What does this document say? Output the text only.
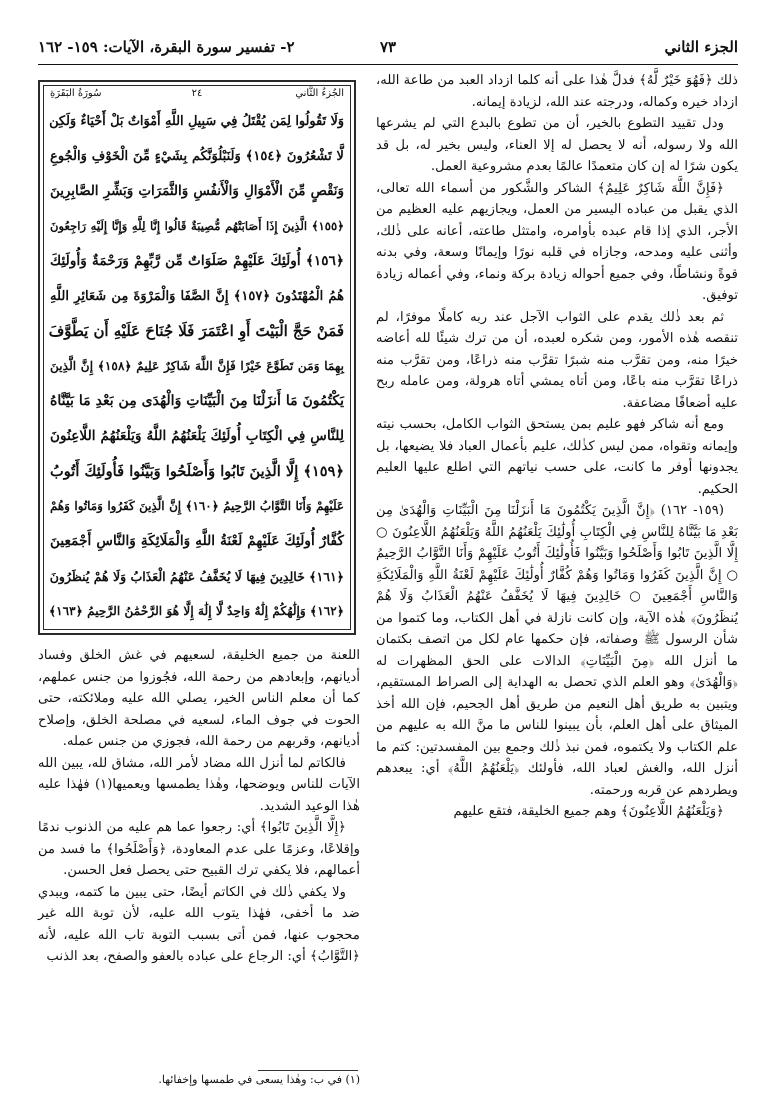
الجزء الثاني
٧٣
٢- تفسير سورة البقرة، الآيات: ١٥٩- ١٦٢

ذلك ﴿فَهُوَ خَيْرٌ لَّهُ﴾ فدلَّ هٰذا على أنه كلما ازداد العبد من طاعة الله، ازداد خيره وكماله، ودرجته عند الله، لزيادة إيمانه.

ودل تقييد التطوع بالخير، أن من تطوع بالبدع التي لم يشرعها الله ولا رسوله، أنه لا يحصل له إلا العناء، وليس بخير له، بل قد يكون شرًا له إن كان متعمدًا عالمًا بعدم مشروعية العمل.

﴿فَإِنَّ اللَّهَ شَاكِرٌ عَلِيمٌ﴾ الشاكر والشَّكور من أسماء الله تعالى، الذي يقبل من عباده اليسير من العمل، ويجازيهم عليه العظيم من الأجر، الذي إذا قام عبده بأوامره، وامتثل طاعته، أعانه على ذٰلك، وأثنى عليه ومدحه، وجازاه في قلبه نورًا وإيمانًا وسعة، وفي بدنه قوةً ونشاطًا، وفي جميع أحواله زيادة بركة ونماء، وفي أعماله زيادة توفيق.

ثم بعد ذٰلك يقدم على الثواب الآجل عند ربه كاملًا موفرًا، لم تنقصه هٰذه الأمور، ومن شكره لعبده، أن من ترك شيئًا لله أعاضه خيرًا منه، ومن تقرَّب منه شبرًا تقرَّب منه ذراعًا، ومن تقرَّب منه ذراعًا تقرَّب منه باعًا، ومن أتاه يمشي أتاه هرولة، ومن عامله ربح عليه أضعافًا مضاعفة.

ومع أنه شاكر فهو عليم بمن يستحق الثواب الكامل، بحسب نيته وإيمانه وتقواه، ممن ليس كذٰلك، عليم بأعمال العباد فلا يضيعها، بل يجدونها أوفر ما كانت، على حسب نياتهم التي اطلع عليها العليم الحكيم.

(١٥٩- ١٦٢) ﴿إِنَّ الَّذِينَ يَكْتُمُونَ مَا أَنزَلْنَا مِنَ الْبَيِّنَاتِ وَالْهُدَىٰ مِن بَعْدِ مَا بَيَّنَّاهُ لِلنَّاسِ فِي الْكِتَابِ أُولَٰئِكَ يَلْعَنُهُمُ اللَّهُ وَيَلْعَنُهُمُ اللَّاعِنُونَ ○ إِلَّا الَّذِينَ تَابُوا وَأَصْلَحُوا وَبَيَّنُوا فَأُولَٰئِكَ أَتُوبُ عَلَيْهِمْ وَأَنَا التَّوَّابُ الرَّحِيمُ ○ إِنَّ الَّذِينَ كَفَرُوا وَمَاتُوا وَهُمْ كُفَّارٌ أُولَٰئِكَ عَلَيْهِمْ لَعْنَةُ اللَّهِ وَالْمَلَائِكَةِ وَالنَّاسِ أَجْمَعِينَ ○ خَالِدِينَ فِيهَا لَا يُخَفَّفُ عَنْهُمُ الْعَذَابُ وَلَا هُمْ يُنظَرُونَ﴾ هٰذه الآية، وإن كانت نازلة في أهل الكتاب، وما كتموا من شأن الرسول ﷺ وصفاته، فإن حكمها عام لكل من اتصف بكتمان ما أنزل الله ﴿مِنَ الْبَيِّنَاتِ﴾ الدالات على الحق المظهرات له ﴿وَالْهُدَىٰ﴾ وهو العلم الذي تحصل به الهداية إلى الصراط المستقيم، ويتبين به طريق أهل النعيم من طريق أهل الجحيم، فإن الله أخذ الميثاق على أهل العلم، بأن يبينوا للناس ما منَّ الله به عليهم من علم الكتاب ولا يكتموه، فمن نبذ ذٰلك وجمع بين المفسدتين: كتم ما أنزل الله، والغش لعباد الله، فأولئك ﴿يَلْعَنُهُمُ اللَّهُ﴾ أي: يبعدهم ويطردهم عن قربه ورحمته.

﴿وَيَلْعَنُهُمُ اللَّاعِنُونَ﴾ وهم جميع الخليقة، فتقع عليهم

سُورَةُ البَقَرَةِ	٢٤	الجُزءُ الثَّاني
وَلَا تَقُولُوا لِمَن يُقْتَلُ فِي سَبِيلِ اللَّهِ أَمْوَاتٌ بَلْ أَحْيَاءٌ وَلَكِن
لَّا تَشْعُرُونَ ﴿١٥٤﴾ وَلَنَبْلُوَنَّكُم بِشَيْءٍ مِّنَ الْخَوْفِ وَالْجُوعِ
وَنَقْصٍ مِّنَ الْأَمْوَالِ وَالْأَنفُسِ وَالثَّمَرَاتِ وَبَشِّرِ الصَّابِرِينَ
﴿١٥٥﴾ الَّذِينَ إِذَا أَصَابَتْهُم مُّصِيبَةٌ قَالُوا إِنَّا لِلَّهِ وَإِنَّا إِلَيْهِ رَاجِعُونَ
﴿١٥٦﴾ أُولَئِكَ عَلَيْهِمْ صَلَوَاتٌ مِّن رَّبِّهِمْ وَرَحْمَةٌ وَأُولَئِكَ
هُمُ الْمُهْتَدُونَ ﴿١٥٧﴾ إِنَّ الصَّفَا وَالْمَرْوَةَ مِن شَعَائِرِ اللَّهِ
فَمَنْ حَجَّ الْبَيْتَ أَوِ اعْتَمَرَ فَلَا جُنَاحَ عَلَيْهِ أَن يَطَّوَّفَ
بِهِمَا وَمَن تَطَوَّعَ خَيْرًا فَإِنَّ اللَّهَ شَاكِرٌ عَلِيمٌ ﴿١٥٨﴾ إِنَّ الَّذِينَ
يَكْتُمُونَ مَا أَنزَلْنَا مِنَ الْبَيِّنَاتِ وَالْهُدَى مِن بَعْدِ مَا بَيَّنَّاهُ
لِلنَّاسِ فِي الْكِتَابِ أُولَئِكَ يَلْعَنُهُمُ اللَّهُ وَيَلْعَنُهُمُ اللَّاعِنُونَ
﴿١٥٩﴾ إِلَّا الَّذِينَ تَابُوا وَأَصْلَحُوا وَبَيَّنُوا فَأُولَئِكَ أَتُوبُ
عَلَيْهِمْ وَأَنَا التَّوَّابُ الرَّحِيمُ ﴿١٦٠﴾ إِنَّ الَّذِينَ كَفَرُوا وَمَاتُوا وَهُمْ
كُفَّارٌ أُولَئِكَ عَلَيْهِمْ لَعْنَةُ اللَّهِ وَالْمَلَائِكَةِ وَالنَّاسِ أَجْمَعِينَ
﴿١٦١﴾ خَالِدِينَ فِيهَا لَا يُخَفَّفُ عَنْهُمُ الْعَذَابُ وَلَا هُمْ يُنظَرُونَ
﴿١٦٢﴾ وَإِلَٰهُكُمْ إِلَٰهٌ وَاحِدٌ لَّا إِلَٰهَ إِلَّا هُوَ الرَّحْمَٰنُ الرَّحِيمُ ﴿١٦٣﴾

اللعنة من جميع الخليقة، لسعيهم في غش الخلق وفساد أديانهم، وإبعادهم من رحمة الله، فجُوزوا من جنس عملهم، كما أن معلم الناس الخير، يصلي الله عليه وملائكته، حتى الحوت في جوف الماء، لسعيه في مصلحة الخلق، وإصلاح أديانهم، وقربهم من رحمة الله، فجوزي من جنس عمله.

فالكاتم لما أنزل الله مضاد لأمر الله، مشاق لله، يبين الله الآيات للناس ويوضحها، وهٰذا يطمسها ويعميها(١) فهٰذا عليه هٰذا الوعيد الشديد.

﴿إِلَّا الَّذِينَ تَابُوا﴾ أي: رجعوا عما هم عليه من الذنوب ندمًا وإقلاعًا، وعزمًا على عدم المعاودة، ﴿وَأَصْلَحُوا﴾ ما فسد من أعمالهم، فلا يكفي ترك القبيح حتى يحصل فعل الحسن.

ولا يكفي ذٰلك في الكاتم أيضًا، حتى يبين ما كتمه، ويبدي ضد ما أخفى، فهٰذا يتوب الله عليه، لأن توبة الله غير محجوب عنها، فمن أتى بسبب التوبة تاب الله عليه، لأنه ﴿التَّوَّابُ﴾ أي: الرجاع على عباده بالعفو والصفح، بعد الذنب

(١) في ب: وهٰذا يسعى في طمسها وإخفائها.
